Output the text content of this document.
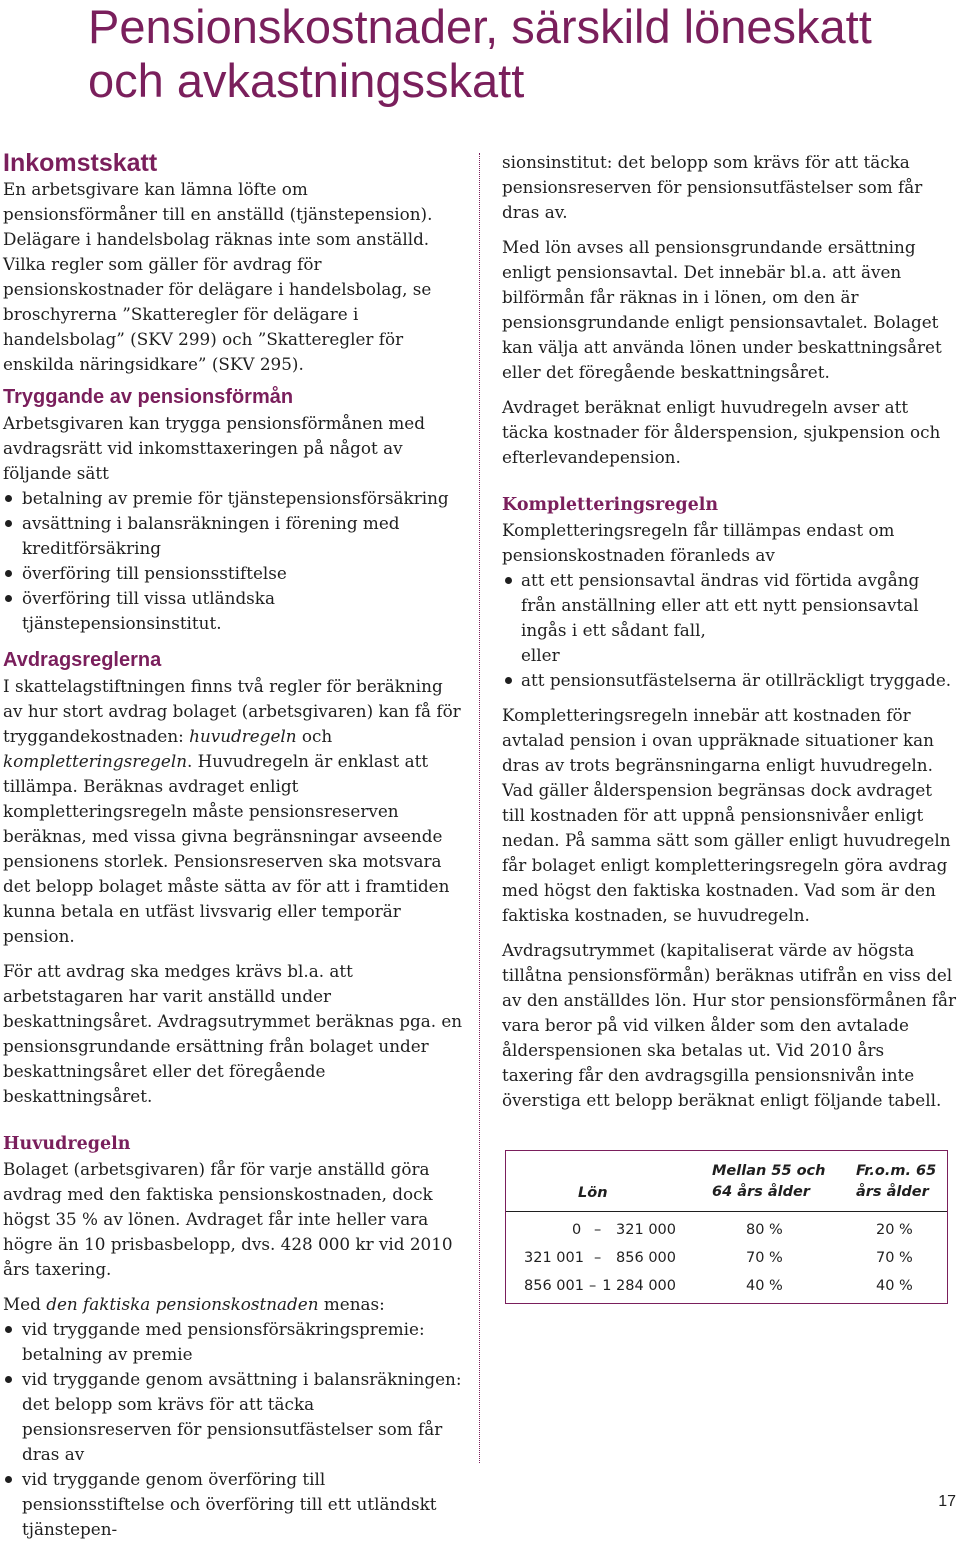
Pensionskostnader, särskild löneskatt och avkastningsskatt
Inkomstskatt

En arbetsgivare kan lämna löfte om pensionsförmåner till en anställd (tjänstepension). Delägare i handelsbolag räknas inte som anställd. Vilka regler som gäller för avdrag för pensionskostnader för delägare i handelsbolag, se broschyrerna ”Skatteregler för delägare i handelsbolag” (SKV 299) och ”Skatteregler för enskilda näringsidkare” (SKV 295).

Tryggande av pensionsförmån

Arbetsgivaren kan trygga pensionsförmånen med avdragsrätt vid inkomsttaxeringen på något av följande sätt

betalning av premie för tjänstepensionsförsäkring
avsättning i balansräkningen i förening med kreditförsäkring
överföring till pensionsstiftelse
överföring till vissa utländska tjänstepensionsinstitut.
Avdragsreglerna

I skattelagstiftningen finns två regler för beräkning av hur stort avdrag bolaget (arbetsgivaren) kan få för tryggandekostnaden: huvudregeln och kompletteringsregeln. Huvudregeln är enklast att tillämpa. Beräknas avdraget enligt kompletteringsregeln måste pensionsreserven beräknas, med vissa givna begränsningar avseende pensionens storlek. Pensionsreserven ska motsvara det belopp bolaget måste sätta av för att i framtiden kunna betala en utfäst livsvarig eller temporär pension.

För att avdrag ska medges krävs bl.a. att arbetstagaren har varit anställd under beskattningsåret. Avdragsutrymmet beräknas pga. en pensionsgrundande ersättning från bolaget under beskattningsåret eller det föregående beskattningsåret.

Huvudregeln

Bolaget (arbetsgivaren) får för varje anställd göra avdrag med den faktiska pensionskostnaden, dock högst 35 % av lönen. Avdraget får inte heller vara högre än 10 prisbasbelopp, dvs. 428 000 kr vid 2010 års taxering.

Med den faktiska pensionskostnaden menas:

vid tryggande med pensionsförsäkringspremie: betalning av premie
vid tryggande genom avsättning i balansräkningen: det belopp som krävs för att täcka pensionsreserven för pensionsutfästelser som får dras av
vid tryggande genom överföring till pensionsstiftelse och överföring till ett utländskt tjänstepen-

sionsinstitut: det belopp som krävs för att täcka pensionsreserven för pensionsutfästelser som får dras av.

Med lön avses all pensionsgrundande ersättning enligt pensionsavtal. Det innebär bl.a. att även bilförmån får räknas in i lönen, om den är pensionsgrundande enligt pensionsavtalet. Bolaget kan välja att använda lönen under beskattningsåret eller det föregående beskattningsåret.

Avdraget beräknat enligt huvudregeln avser att täcka kostnader för ålderspension, sjukpension och efterlevandepension.

Kompletteringsregeln

Kompletteringsregeln får tillämpas endast om pensionskostnaden föranleds av

att ett pensionsavtal ändras vid förtida avgång från anställning eller att ett nytt pensionsavtal ingås i ett sådant fall,
eller
att pensionsutfästelserna är otillräckligt tryggade.

Kompletteringsregeln innebär att kostnaden för avtalad pension i ovan uppräknade situationer kan dras av trots begränsningarna enligt huvudregeln. Vad gäller ålderspension begränsas dock avdraget till kostnaden för att uppnå pensionsnivåer enligt nedan. På samma sätt som gäller enligt huvudregeln får bolaget enligt kompletteringsregeln göra avdrag med högst den faktiska kostnaden. Vad som är den faktiska kostnaden, se huvudregeln.

Avdragsutrymmet (kapitaliserat värde av högsta tillåtna pensionsförmån) beräknas utifrån en viss del av den anställdes lön. Hur stor pensionsförmånen får vara beror på vid vilken ålder som den avtalade ålderspensionen ska betalas ut. Vid 2010 års taxering får den avdragsgilla pensionsnivån inte överstiga ett belopp beräknat enligt följande tabell.

Lön
Mellan 55 och
64 års ålder
Fr.o.m. 65
års ålder
0 – 321 000	80 %	20 %
321 001 – 856 000	70 %	70 %
856 001 – 1 284 000	40 %	40 %
17
